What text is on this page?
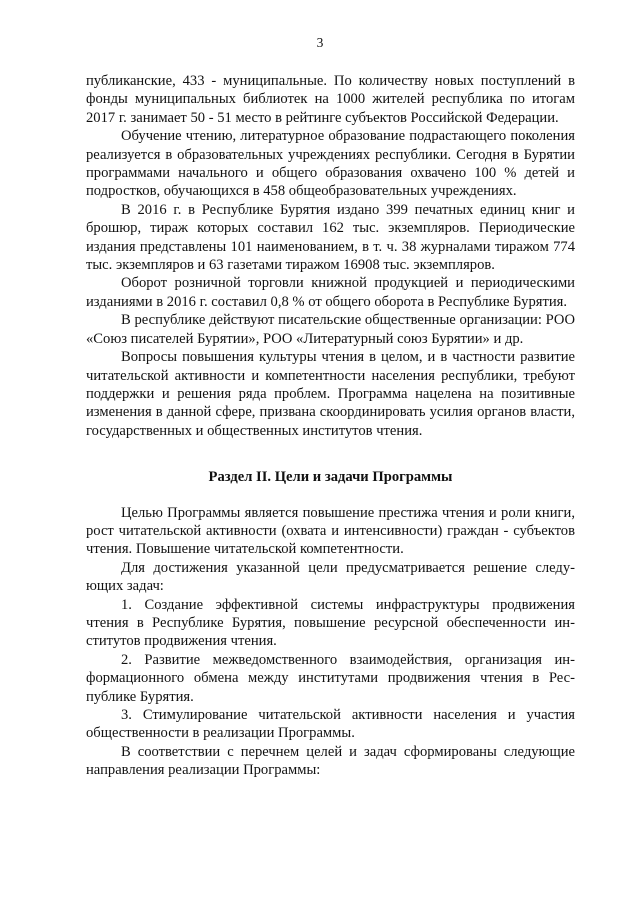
3

публиканские, 433 - муниципальные. По количеству новых поступлений в фонды муниципальных библиотек на 1000 жителей республика по итогам 2017 г. занимает 50 - 51 место в рейтинге субъектов Российской Федерации.

Обучение чтению, литературное образование подрастающего поколения реализуется в образовательных учреждениях республики. Сегодня в Бурятии программами начального и общего образования охвачено 100 % детей и подростков, обучающихся в 458 общеобразовательных учреждениях.

В 2016 г. в Республике Бурятия издано 399 печатных единиц книг и брошюр, тираж которых составил 162 тыс. экземпляров. Периодические издания представлены 101 наименованием, в т. ч. 38 журналами тиражом 774 тыс. экземпляров и 63 газетами тиражом 16908 тыс. экземпляров.

Оборот розничной торговли книжной продукцией и периодическими изданиями в 2016 г. составил 0,8 % от общего оборота в Республике Бурятия.

В республике действуют писательские общественные организации: РОО «Союз писателей Бурятии», РОО «Литературный союз Бурятии» и др.

Вопросы повышения культуры чтения в целом, и в частности развитие читательской активности и компетентности населения республики, требуют поддержки и решения ряда проблем. Программа нацелена на позитивные изменения в данной сфере, призвана скоординировать усилия органов власти, государственных и общественных институтов чтения.

Раздел II. Цели и задачи Программы

Целью Программы является повышение престижа чтения и роли книги, рост читательской активности (охвата и интенсивности) граждан - субъектов чтения. Повышение читательской компетентности.

Для достижения указанной цели предусматривается решение следующих задач:

1. Создание эффективной системы инфраструктуры продвижения чтения в Республике Бурятия, повышение ресурсной обеспеченности институтов продвижения чтения.

2. Развитие межведомственного взаимодействия, организация информационного обмена между институтами продвижения чтения в Республике Бурятия.

3. Стимулирование читательской активности населения и участия общественности в реализации Программы.

В соответствии с перечнем целей и задач сформированы следующие направления реализации Программы:
